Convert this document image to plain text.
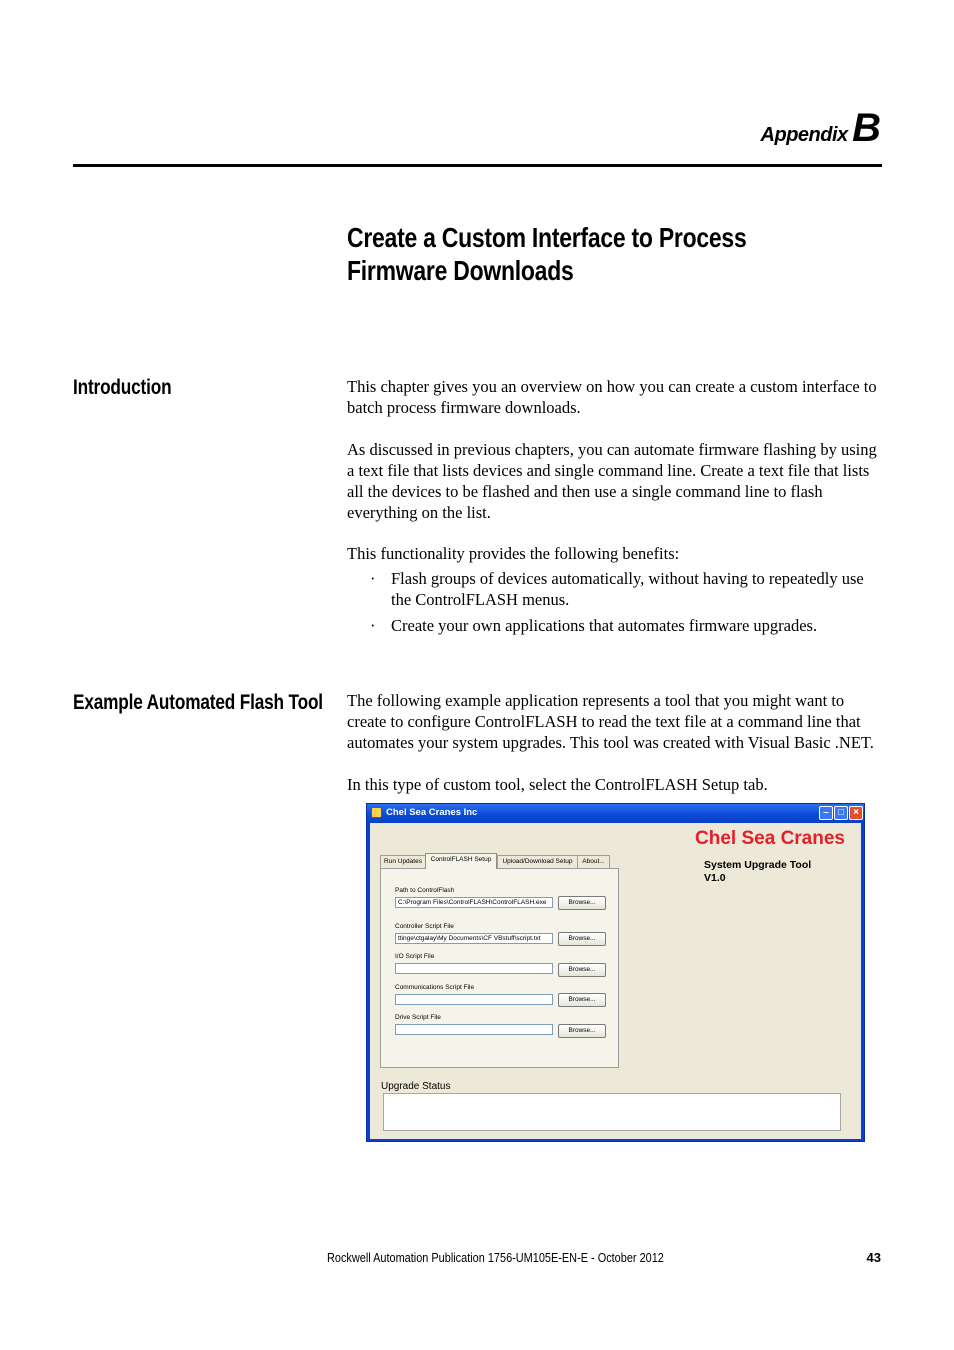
Appendix B
Create a Custom Interface to Process Firmware Downloads
Introduction	This chapter gives you an overview on how you can create a custom interface to batch process firmware downloads.
As discussed in previous chapters, you can automate firmware flashing by using a text file that lists devices and single command line. Create a text file that lists all the devices to be flashed and then use a single command line to flash everything on the list.
This functionality provides the following benefits:
· Flash groups of devices automatically, without having to repeatedly use the ControlFLASH menus.
· Create your own applications that automates firmware upgrades.
Example Automated Flash Tool The following example application represents a tool that you might want to create to configure ControlFLASH to read the text file at a command line that automates your system upgrades. This tool was created with Visual Basic .NET.
In this type of custom tool, select the ControlFLASH Setup tab.
Chel Sea Cranes Inc	– □ ×
Chel Sea Cranes
System Upgrade Tool
V1.0
Run Updates	ControlFLASH Setup	Upload/Download Setup	About...
Path to ControlFlash
C:\Program Files\ControlFLASH\ControlFLASH.exe	Browse...
Controller Script File
ttinge\ctgalay\My Documents\CF VBstuff\script.txt	Browse...
I/O Script File
Browse...
Communications Script File
Browse...
Drive Script File
Browse...
Upgrade Status
Rockwell Automation Publication 1756-UM105E-EN-E - October 2012	43
